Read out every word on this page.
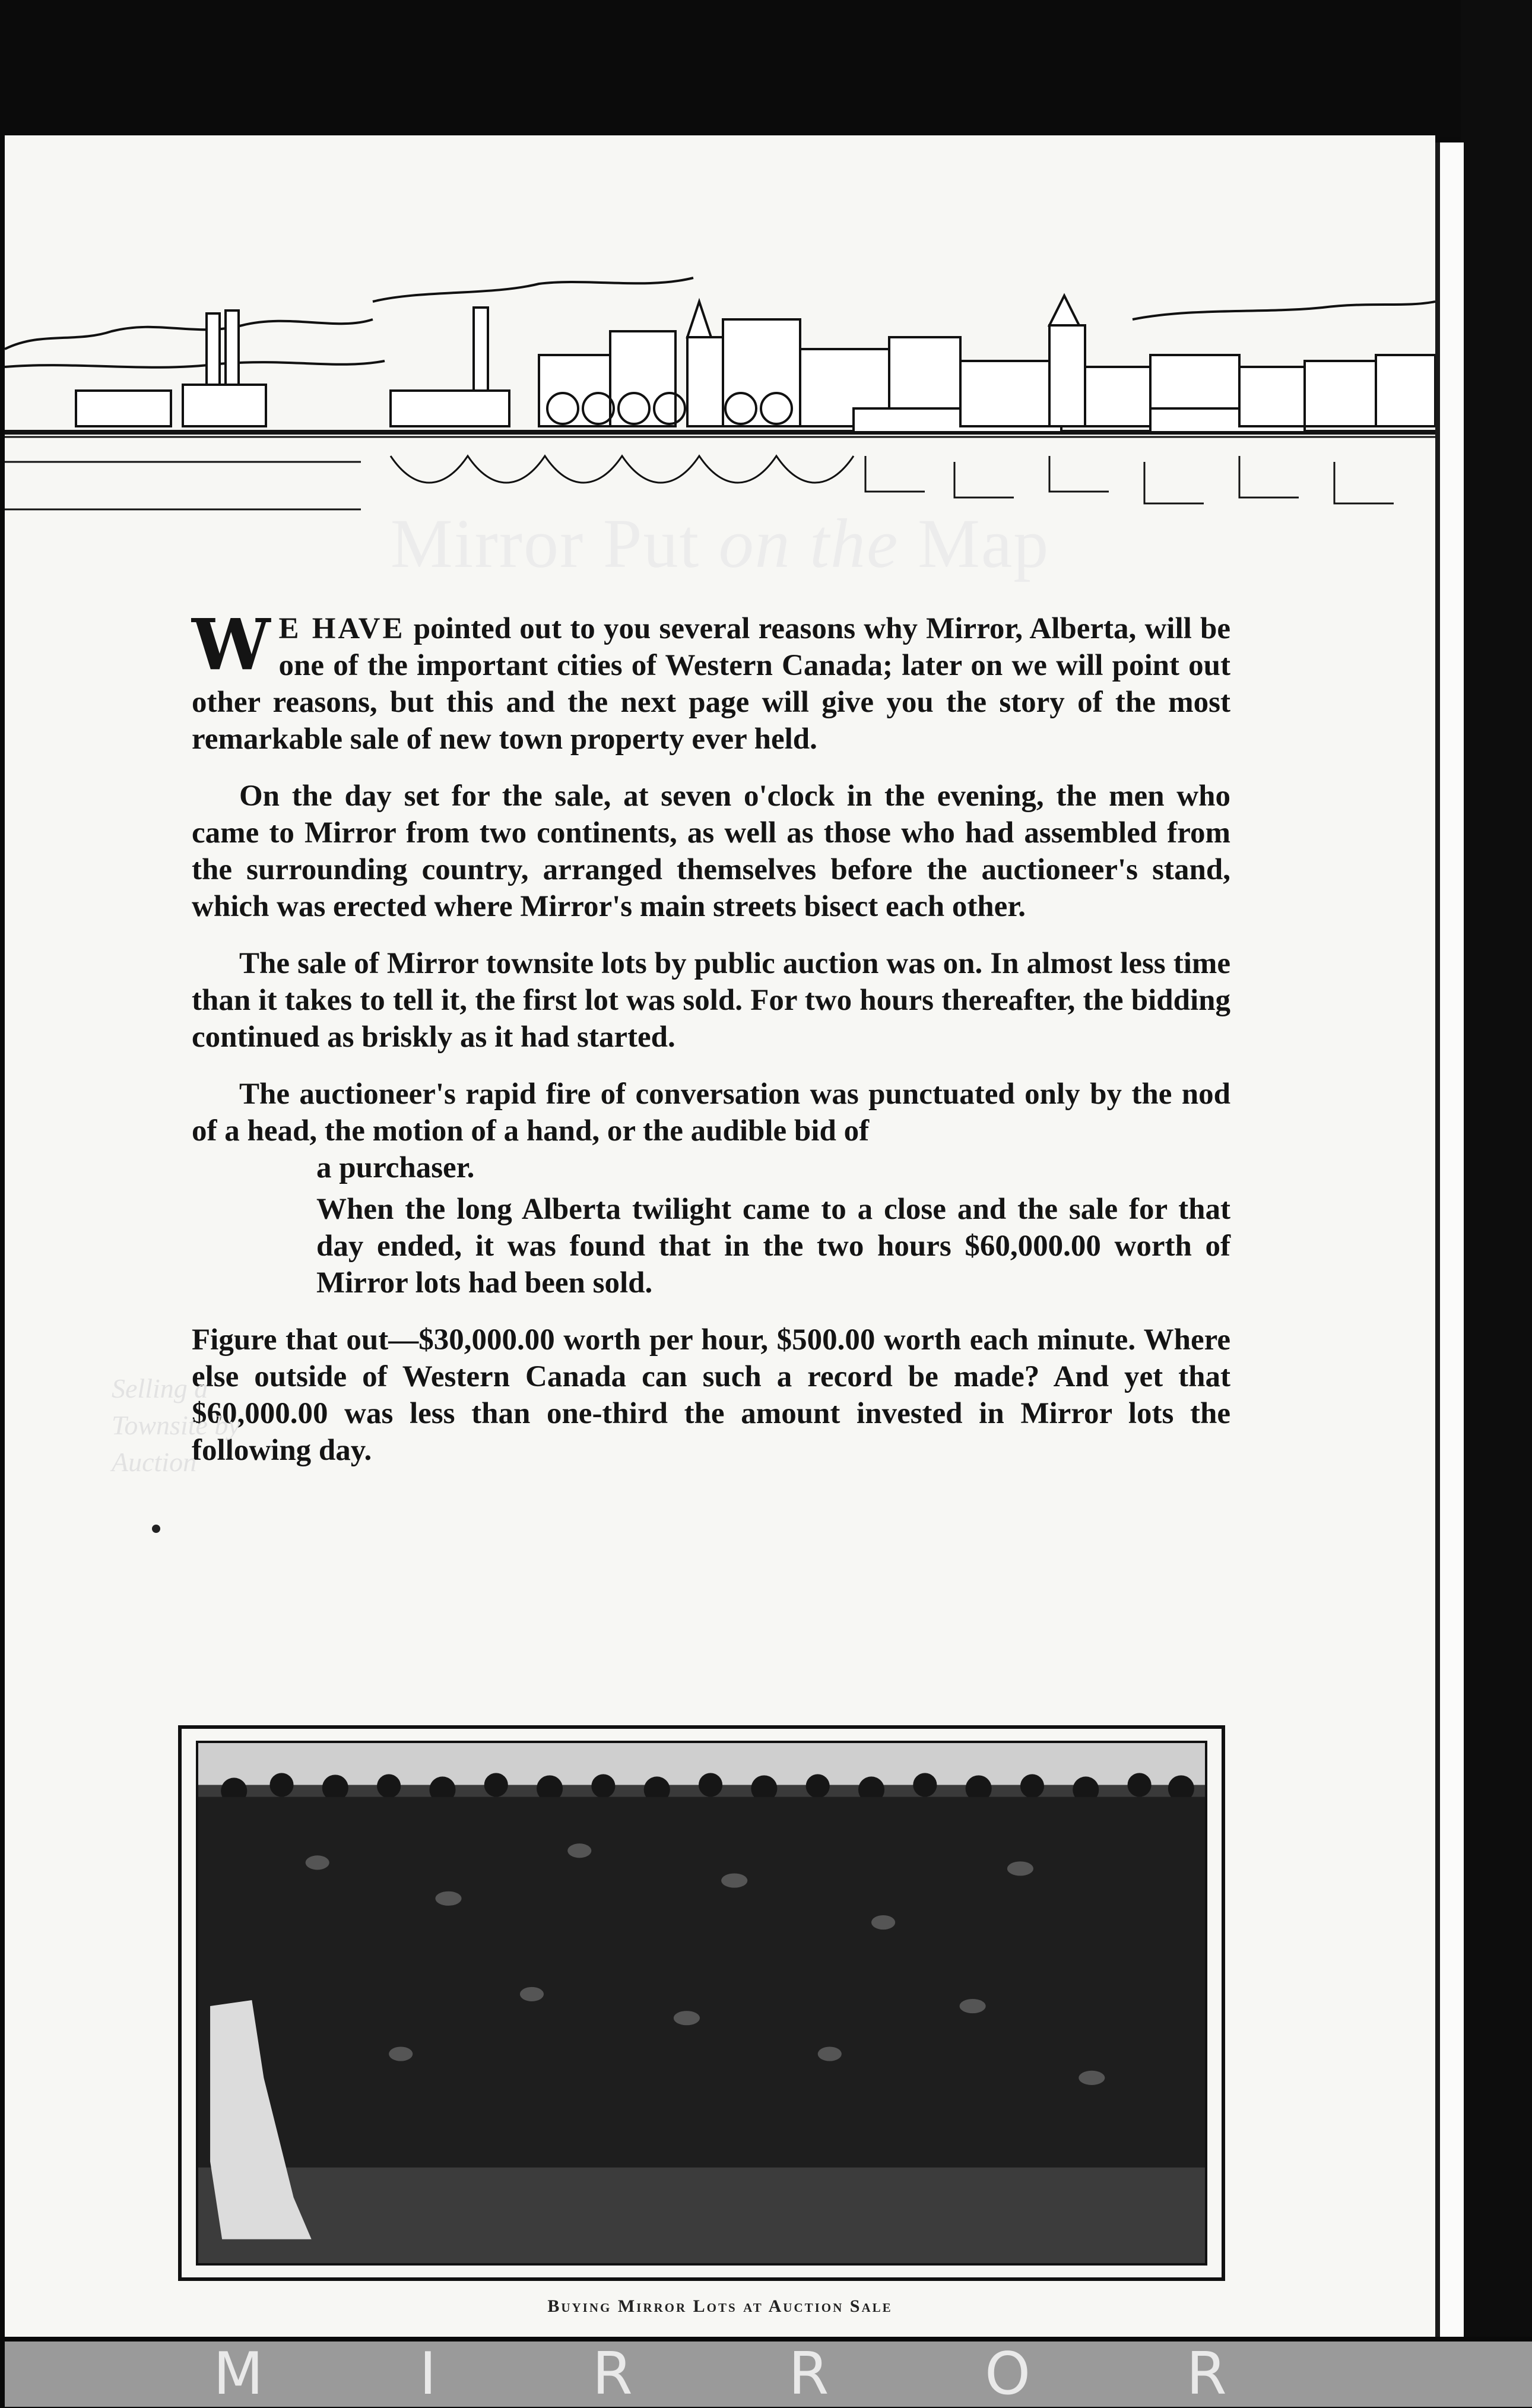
Mirror Put on the Map

W E HAVE pointed out to you several reasons why Mirror, Alberta, will be one of the important cities of Western Canada; later on we will point out other reasons, but this and the next page will give you the story of the most remarkable sale of new town property ever held.

On the day set for the sale, at seven o'clock in the evening, the men who came to Mirror from two continents, as well as those who had assembled from the surrounding country, arranged themselves before the auctioneer's stand, which was erected where Mirror's main streets bisect each other.

The sale of Mirror townsite lots by public auction was on. In almost less time than it takes to tell it, the first lot was sold. For two hours thereafter, the bidding continued as briskly as it had started.

The auctioneer's rapid fire of conversation was punctuated only by the nod of a head, the motion of a hand, or the audible bid of

a purchaser.

When the long Alberta twilight came to a close and the sale for that day ended, it was found that in the two hours $60,000.00 worth of Mirror lots had been sold.

Figure that out—$30,000.00 worth per hour, $500.00 worth each minute. Where else outside of Western Canada can such a record be made? And yet that $60,000.00 was less than one-third the amount invested in Mirror lots the following day.

Selling a Townsite by Auction
Buying Mirror Lots at Auction Sale
M	I	R	R	O	R
